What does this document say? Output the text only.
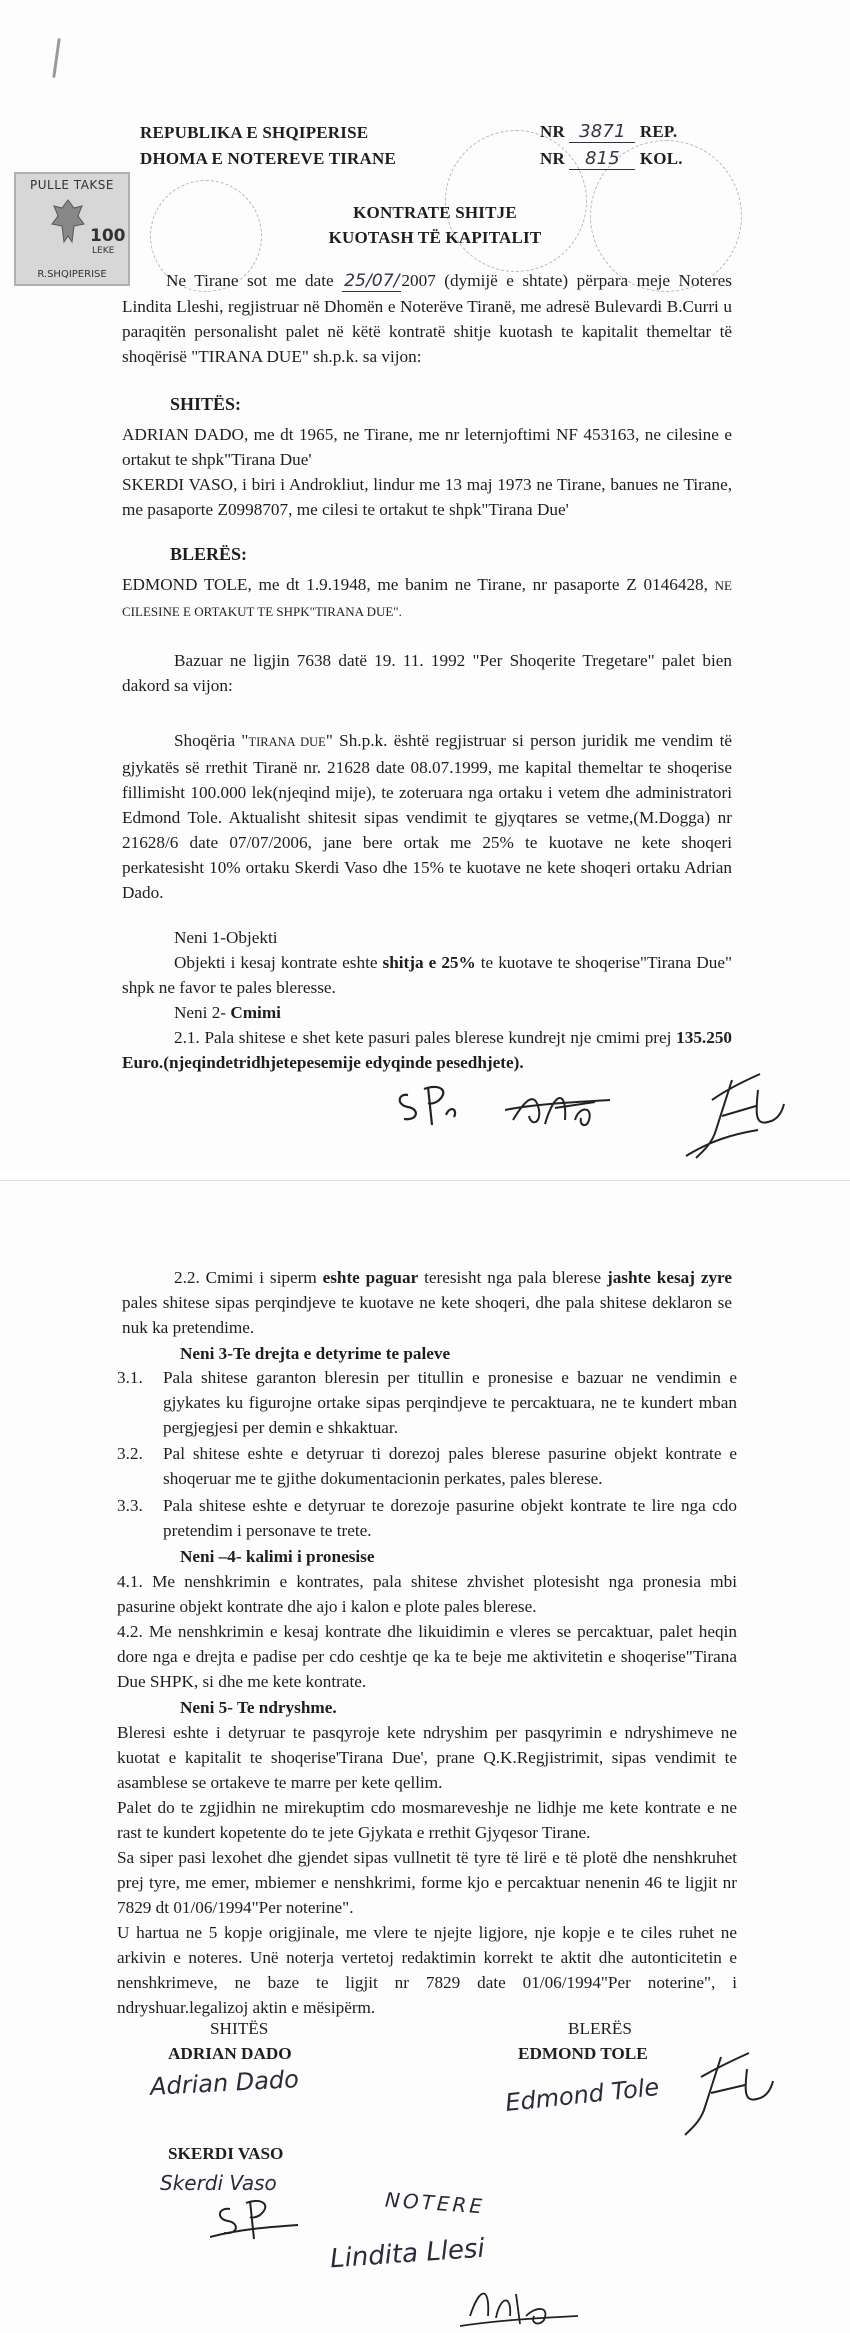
REPUBLIKA E SHQIPERISE
DHOMA E NOTEREVE TIRANE
NR 3871 REP.
NR 815 KOL.
PULLE TAKSE
100
LEKE
R.SHQIPERISE
KONTRATE SHITJE
KUOTASH TË KAPITALIT

Ne Tirane sot me date 25/07/ 2007 (dymijë e shtate) përpara meje Noteres Lindita Lleshi, regjistruar në Dhomën e Noterëve Tiranë, me adresë Bulevardi B.Curri u paraqitën personalisht palet në këtë kontratë shitje kuotash te kapitalit themeltar të shoqërisë "TIRANA DUE" sh.p.k. sa vijon:

SHITËS:

ADRIAN DADO, me dt 1965, ne Tirane, me nr leternjoftimi NF 453163, ne cilesine e ortakut te shpk"Tirana Due'

SKERDI VASO, i biri i Androkliut, lindur me 13 maj 1973 ne Tirane, banues ne Tirane, me pasaporte Z0998707, me cilesi te ortakut te shpk"Tirana Due'

BLERËS:

EDMOND TOLE, me dt 1.9.1948, me banim ne Tirane, nr pasaporte Z 0146428, NE CILESINE E ORTAKUT TE SHPK"TIRANA DUE".

Bazuar ne ligjin 7638 datë 19. 11. 1992 "Per Shoqerite Tregetare" palet bien dakord sa vijon:

Shoqëria "TIRANA DUE" Sh.p.k. është regjistruar si person juridik me vendim të gjykatës së rrethit Tiranë nr. 21628 date 08.07.1999, me kapital themeltar te shoqerise fillimisht 100.000 lek(njeqind mije), te zoteruara nga ortaku i vetem dhe administratori Edmond Tole. Aktualisht shitesit sipas vendimit te gjyqtares se vetme,(M.Dogga) nr 21628/6 date 07/07/2006, jane bere ortak me 25% te kuotave ne kete shoqeri perkatesisht 10% ortaku Skerdi Vaso dhe 15% te kuotave ne kete shoqeri ortaku Adrian Dado.

Neni 1-Objekti

Objekti i kesaj kontrate eshte shitja e 25% te kuotave te shoqerise"Tirana Due" shpk ne favor te pales bleresse.

Neni 2- Cmimi

2.1. Pala shitese e shet kete pasuri pales blerese kundrejt nje cmimi prej 135.250 Euro.(njeqindetridhjetepesemije edyqinde pesedhjete).

2.2. Cmimi i siperm eshte paguar teresisht nga pala blerese jashte kesaj zyre pales shitese sipas perqindjeve te kuotave ne kete shoqeri, dhe pala shitese deklaron se nuk ka pretendime.

Neni 3-Te drejta e detyrime te paleve
3.1.	Pala shitese garanton bleresin per titullin e pronesise e bazuar ne vendimin e gjykates ku figurojne ortake sipas perqindjeve te percaktuara, ne te kundert mban pergjegjesi per demin e shkaktuar.
3.2.	Pal shitese eshte e detyruar ti dorezoj pales blerese pasurine objekt kontrate e shoqeruar me te gjithe dokumentacionin perkates, pales blerese.
3.3.	Pala shitese eshte e detyruar te dorezoje pasurine objekt kontrate te lire nga cdo pretendim i personave te trete.
Neni –4- kalimi i pronesise

4.1. Me nenshkrimin e kontrates, pala shitese zhvishet plotesisht nga pronesia mbi pasurine objekt kontrate dhe ajo i kalon e plote pales blerese.

4.2. Me nenshkrimin e kesaj kontrate dhe likuidimin e vleres se percaktuar, palet heqin dore nga e drejta e padise per cdo ceshtje qe ka te beje me aktivitetin e shoqerise"Tirana Due SHPK, si dhe me kete kontrate.

Neni 5- Te ndryshme.

Bleresi eshte i detyruar te pasqyroje kete ndryshim per pasqyrimin e ndryshimeve ne kuotat e kapitalit te shoqerise'Tirana Due', prane Q.K.Regjistrimit, sipas vendimit te asamblese se ortakeve te marre per kete qellim.

Palet do te zgjidhin ne mirekuptim cdo mosmareveshje ne lidhje me kete kontrate e ne rast te kundert kopetente do te jete Gjykata e rrethit Gjyqesor Tirane.

Sa siper pasi lexohet dhe gjendet sipas vullnetit të tyre të lirë e të plotë dhe nenshkruhet prej tyre, me emer, mbiemer e nenshkrimi, forme kjo e percaktuar nenenin 46 te ligjit nr 7829 dt 01/06/1994"Per noterine".

U hartua ne 5 kopje origjinale, me vlere te njejte ligjore, nje kopje e te ciles ruhet ne arkivin e noteres. Unë noterja vertetoj redaktimin korrekt te aktit dhe autonticitetin e nenshkrimeve, ne baze te ligjit nr 7829 date 01/06/1994"Per noterine", i ndryshuar.legalizoj aktin e mësipërm.

SHITËS	BLERËS
ADRIAN DADO	EDMOND TOLE
Adrian Dado	Edmond Tole
SKERDI VASO
Skerdi Vaso
NOTERE
Lindita Llesi
